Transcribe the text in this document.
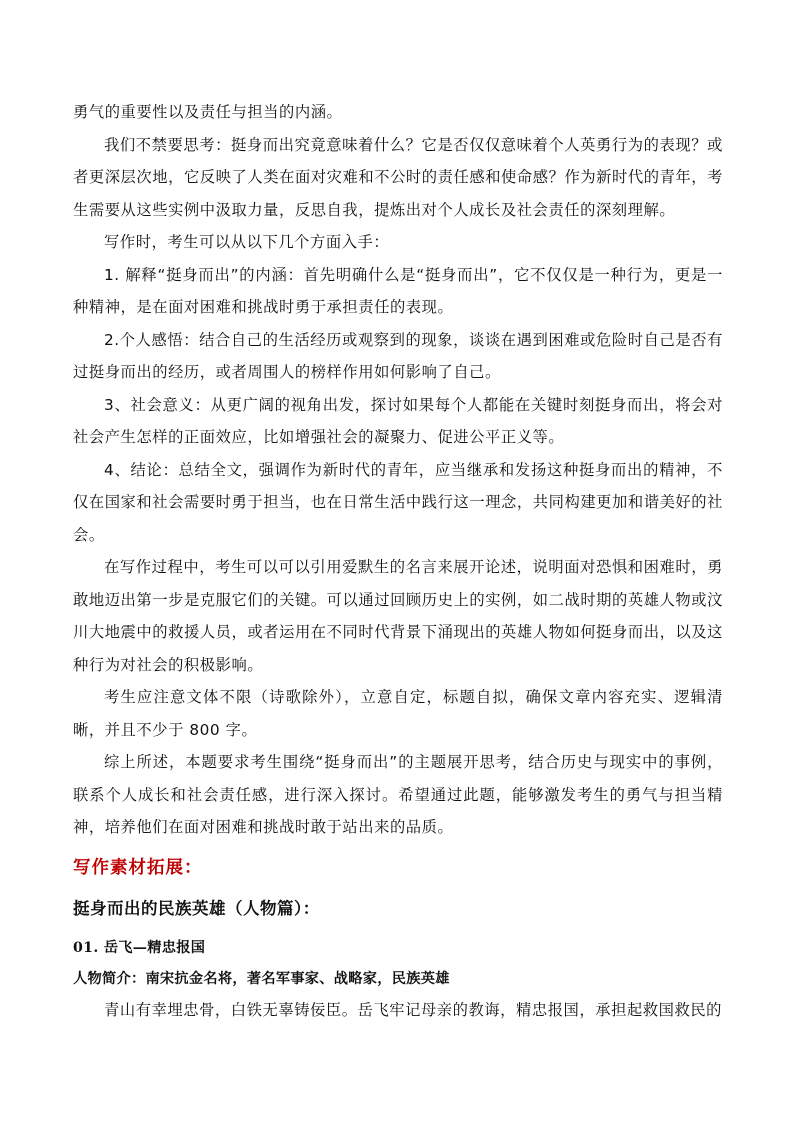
勇气的重要性以及责任与担当的内涵。

我们不禁要思考：挺身而出究竟意味着什么？它是否仅仅意味着个人英勇行为的表现？或者更深层次地，它反映了人类在面对灾难和不公时的责任感和使命感？作为新时代的青年，考生需要从这些实例中汲取力量，反思自我，提炼出对个人成长及社会责任的深刻理解。

写作时，考生可以从以下几个方面入手：

1. 解释“挺身而出”的内涵：首先明确什么是“挺身而出”，它不仅仅是一种行为，更是一种精神，是在面对困难和挑战时勇于承担责任的表现。

2.个人感悟：结合自己的生活经历或观察到的现象，谈谈在遇到困难或危险时自己是否有过挺身而出的经历，或者周围人的榜样作用如何影响了自己。

3、社会意义：从更广阔的视角出发，探讨如果每个人都能在关键时刻挺身而出，将会对社会产生怎样的正面效应，比如增强社会的凝聚力、促进公平正义等。

4、结论：总结全文，强调作为新时代的青年，应当继承和发扬这种挺身而出的精神，不仅在国家和社会需要时勇于担当，也在日常生活中践行这一理念，共同构建更加和谐美好的社会。

在写作过程中，考生可以可以引用爱默生的名言来展开论述，说明面对恐惧和困难时，勇敢地迈出第一步是克服它们的关键。可以通过回顾历史上的实例，如二战时期的英雄人物或汶川大地震中的救援人员，或者运用在不同时代背景下涌现出的英雄人物如何挺身而出，以及这种行为对社会的积极影响。

考生应注意文体不限（诗歌除外），立意自定，标题自拟，确保文章内容充实、逻辑清晰，并且不少于 800 字。

综上所述，本题要求考生围绕“挺身而出”的主题展开思考，结合历史与现实中的事例，联系个人成长和社会责任感，进行深入探讨。希望通过此题，能够激发考生的勇气与担当精神，培养他们在面对困难和挑战时敢于站出来的品质。

写作素材拓展：
挺身而出的民族英雄（人物篇）：

01. 岳飞—精忠报国

人物简介：南宋抗金名将，著名军事家、战略家，民族英雄

青山有幸埋忠骨，白铁无辜铸佞臣。岳飞牢记母亲的教诲，精忠报国，承担起救国救民的
